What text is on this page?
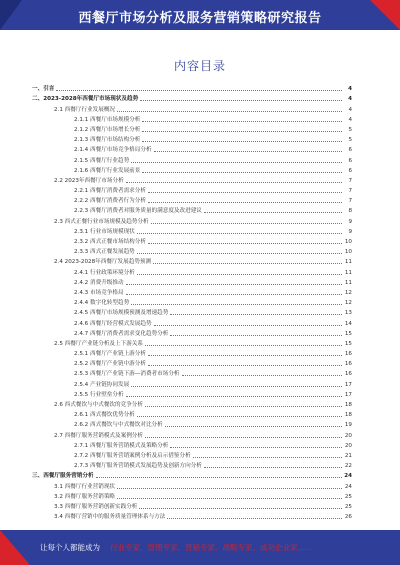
西餐厅市场分析及服务营销策略研究报告
内容目录
一、引言	4
二、2023-2028年西餐厅市场现状及趋势	4
2.1 西餐厅行业发展概况	4
2.1.1 西餐厅市场规模分析	4
2.1.2 西餐厅市场增长分析	5
2.1.3 西餐厅市场结构分析	5
2.1.4 西餐厅市场竞争格局分析	6
2.1.5 西餐厅行业趋势	6
2.1.6 西餐厅行业发展前景	6
2.2 2023年西餐厅市场分析	7
2.2.1 西餐厅消费者需求分析	7
2.2.2 西餐厅消费者行为分析	7
2.2.3 西餐厅消费者对服务质量的满意度及改进建议	8
2.3 西式正餐行业市场规模及趋势分析	9
2.3.1 行业市场规模现状	9
2.3.2 西式正餐市场结构分析	10
2.3.3 西式正餐发展趋势	10
2.4 2023-2028年西餐厅发展趋势预测	11
2.4.1 行业政策环境分析	11
2.4.2 消费升级推动	11
2.4.3 市场竞争格局	12
2.4.4 数字化转型趋势	12
2.4.5 西餐厅市场规模预测及增速趋势	13
2.4.6 西餐厅经营模式发展趋势	14
2.4.7 西餐厅消费者需求变化趋势分析	15
2.5 西餐厅产业链分析及上下游关系	15
2.5.1 西餐厅产业链上游分析	16
2.5.2 西餐厅产业链中游分析	16
2.5.3 西餐厅产业链下游—消费者市场分析	16
2.5.4 产业链协同发展	17
2.5.5 行业壁垒分析	17
2.6 西式餐饮与中式餐饮的竞争分析	18
2.6.1 西式餐饮优势分析	18
2.6.2 西式餐饮与中式餐饮对比分析	19
2.7 西餐厅服务营销模式及案例分析	20
2.7.1 西餐厅服务营销模式及策略分析	20
2.7.2 西餐厅服务营销案例分析及启示借鉴分析	21
2.7.3 西餐厅服务营销模式发展趋势及创新方向分析	22
三、西餐厅服务营销分析	24
3.1 西餐厅行业营销现状	24
3.2 西餐厅服务营销策略	25
3.3 西餐厅服务营销创新实践分析	25
3.4 西餐厅营销中的服务质量管理体系与方法	26
让每个人都能成为 行业专家、管理专家、营销专家、战略专家、成功企业家……
